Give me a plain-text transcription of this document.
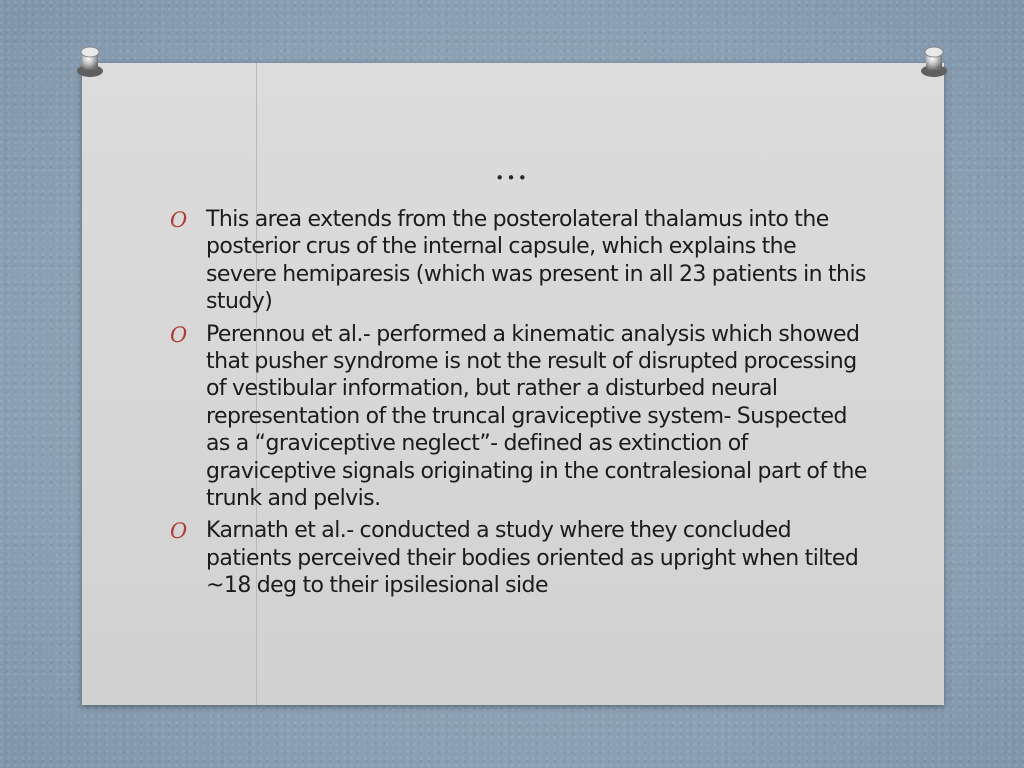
…
O This area extends from the posterolateral thalamus into the posterior crus of the internal capsule, which explains the severe hemiparesis (which was present in all 23 patients in this study)
O Perennou et al.- performed a kinematic analysis which showed that pusher syndrome is not the result of disrupted processing of vestibular information, but rather a disturbed neural representation of the truncal graviceptive system- Suspected as a “graviceptive neglect”- defined as extinction of graviceptive signals originating in the contralesional part of the trunk and pelvis.
O Karnath et al.- conducted a study where they concluded patients perceived their bodies oriented as upright when tilted ~18 deg to their ipsilesional side
